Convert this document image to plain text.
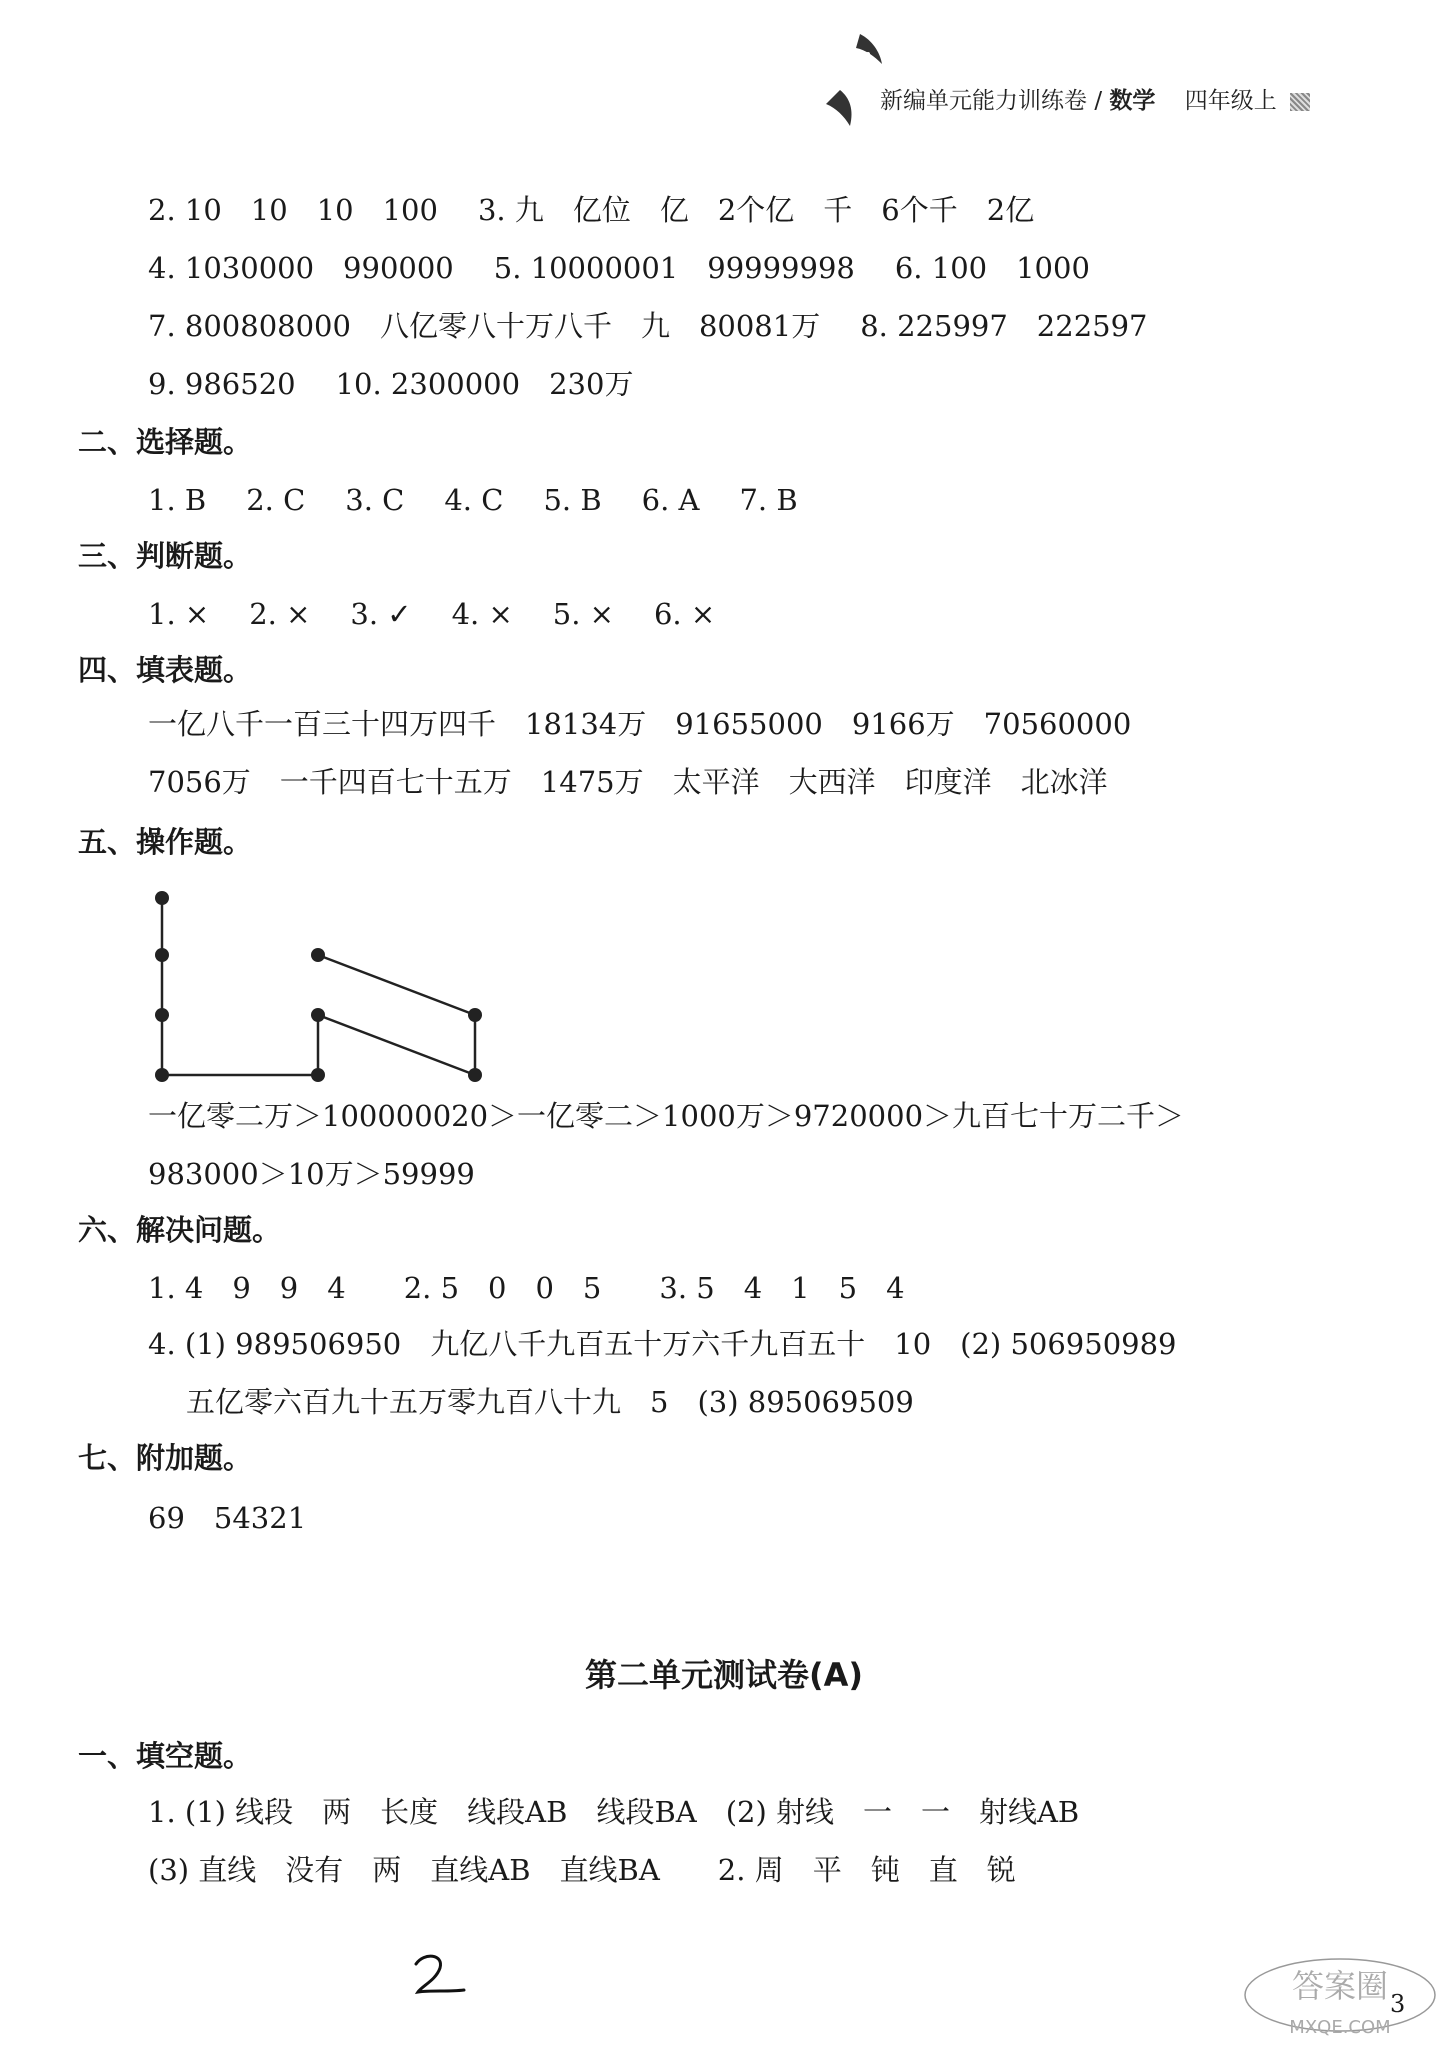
新编单元能力训练卷 / 数学 四年级上
2. 10　10　10　100 3. 九　亿位　亿　2个亿　千　6个千　2亿
4. 1030000　990000 5. 10000001　99999998 6. 100　1000
7. 800808000　八亿零八十万八千　九　80081万 8. 225997　222597
9. 986520 10. 2300000　230万
二、选择题。
1. B 2. C 3. C 4. C 5. B 6. A 7. B
三、判断题。
1. × 2. × 3. ✓ 4. × 5. × 6. ×
四、填表题。
一亿八千一百三十四万四千　18134万　91655000　9166万　70560000
7056万　一千四百七十五万　1475万　太平洋　大西洋　印度洋　北冰洋
五、操作题。
一亿零二万＞100000020＞一亿零二＞1000万＞9720000＞九百七十万二千＞
983000＞10万＞59999
六、解决问题。
1. 4　9　9　4　　2. 5　0　0　5　　3. 5　4　1　5　4
4. (1) 989506950　九亿八千九百五十万六千九百五十　10　(2) 506950989
五亿零六百九十五万零九百八十九　5　(3) 895069509
七、附加题。
69　54321
第二单元测试卷(A)
一、填空题。
1. (1) 线段　两　长度　线段AB　线段BA　(2) 射线　一　一　射线AB
(3) 直线　没有　两　直线AB　直线BA　　2. 周　平　钝　直　锐
答案圈
MXQE.COM
3
